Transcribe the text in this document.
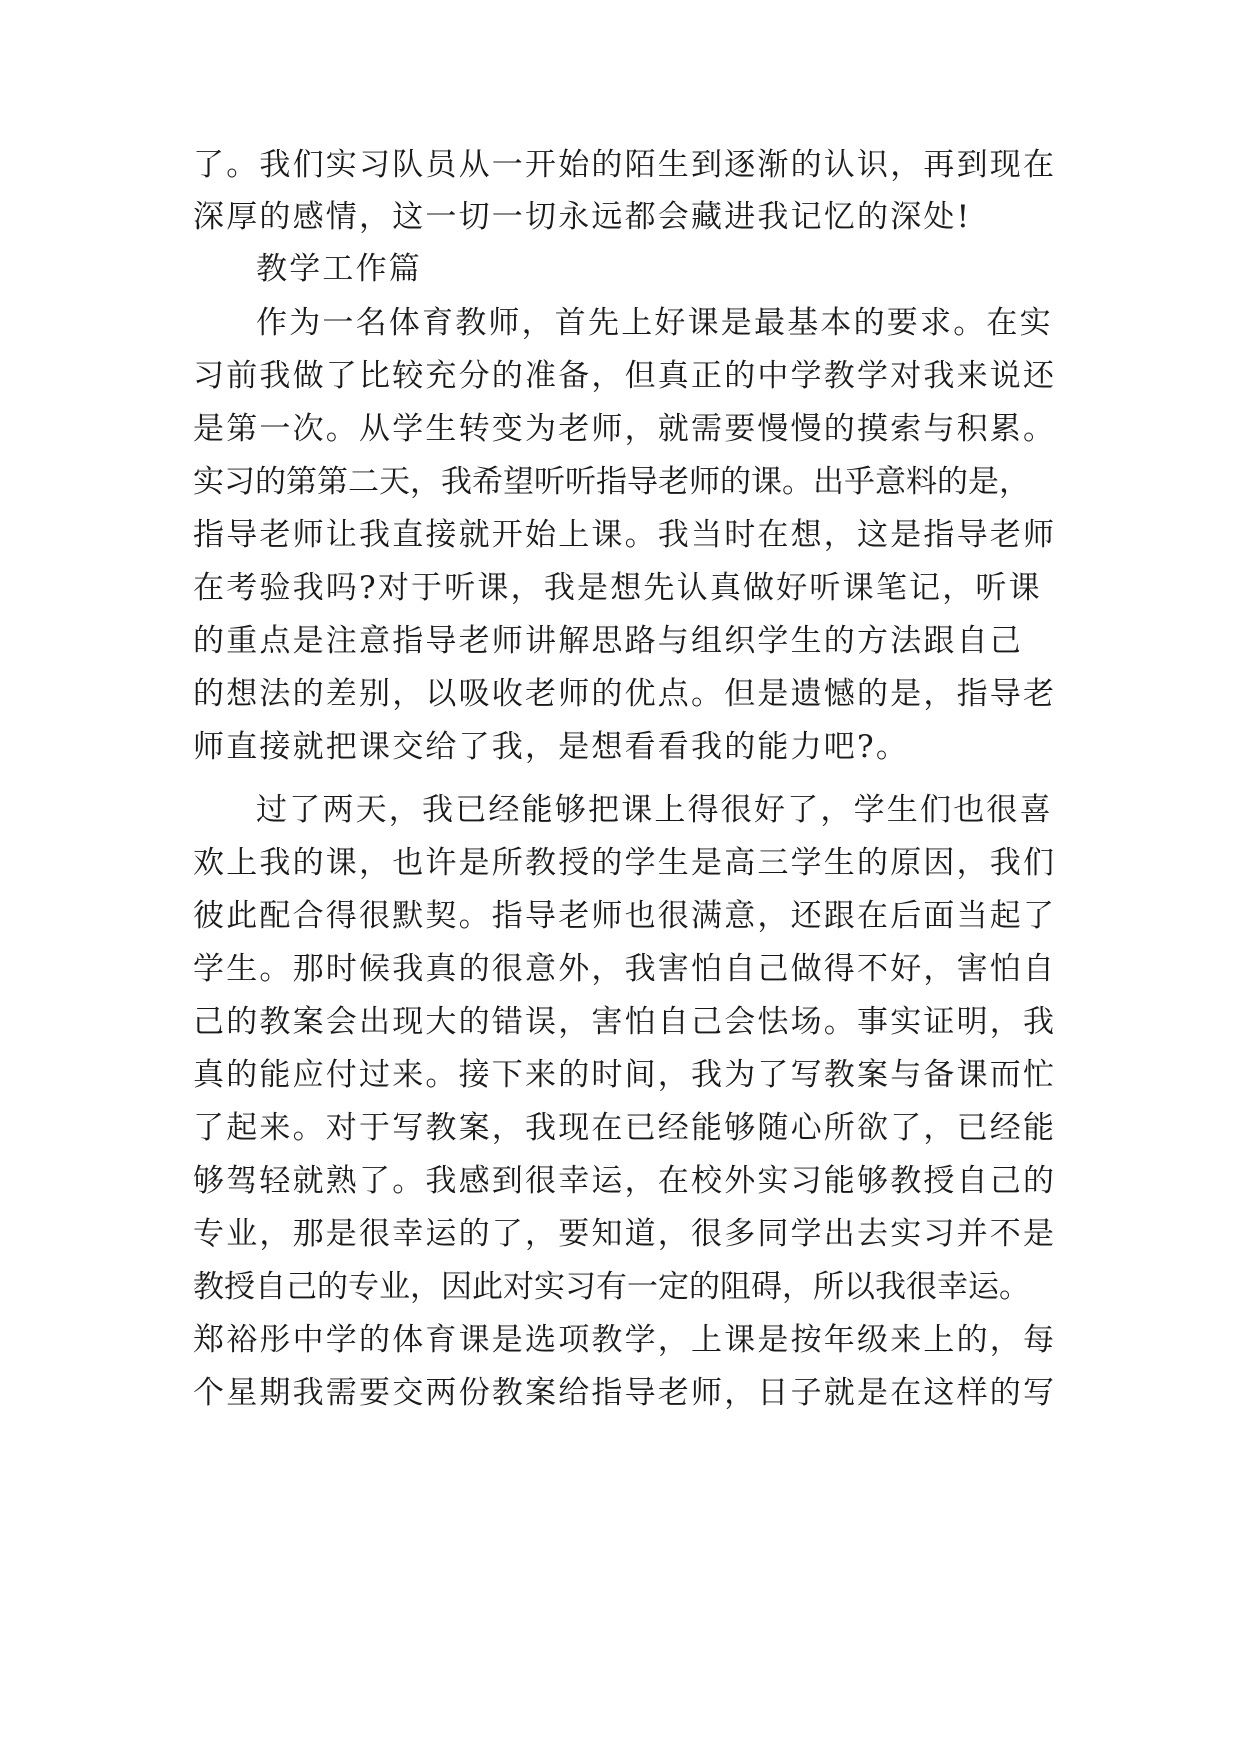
了。我们实习队员从一开始的陌生到逐渐的认识，再到现在

深厚的感情，这一切一切永远都会藏进我记忆的深处!

教学工作篇

作为一名体育教师，首先上好课是最基本的要求。在实

习前我做了比较充分的准备，但真正的中学教学对我来说还

是第一次。从学生转变为老师，就需要慢慢的摸索与积累。

实习的第第二天，我希望听听指导老师的课。出乎意料的是，

指导老师让我直接就开始上课。我当时在想，这是指导老师

在考验我吗?对于听课，我是想先认真做好听课笔记，听课

的重点是注意指导老师讲解思路与组织学生的方法跟自己

的想法的差别，以吸收老师的优点。但是遗憾的是，指导老

师直接就把课交给了我，是想看看我的能力吧?。

过了两天，我已经能够把课上得很好了，学生们也很喜

欢上我的课，也许是所教授的学生是高三学生的原因，我们

彼此配合得很默契。指导老师也很满意，还跟在后面当起了

学生。那时候我真的很意外，我害怕自己做得不好，害怕自

己的教案会出现大的错误，害怕自己会怯场。事实证明，我

真的能应付过来。接下来的时间，我为了写教案与备课而忙

了起来。对于写教案，我现在已经能够随心所欲了，已经能

够驾轻就熟了。我感到很幸运，在校外实习能够教授自己的

专业，那是很幸运的了，要知道，很多同学出去实习并不是

教授自己的专业，因此对实习有一定的阻碍，所以我很幸运。

郑裕彤中学的体育课是选项教学，上课是按年级来上的，每

个星期我需要交两份教案给指导老师，日子就是在这样的写
